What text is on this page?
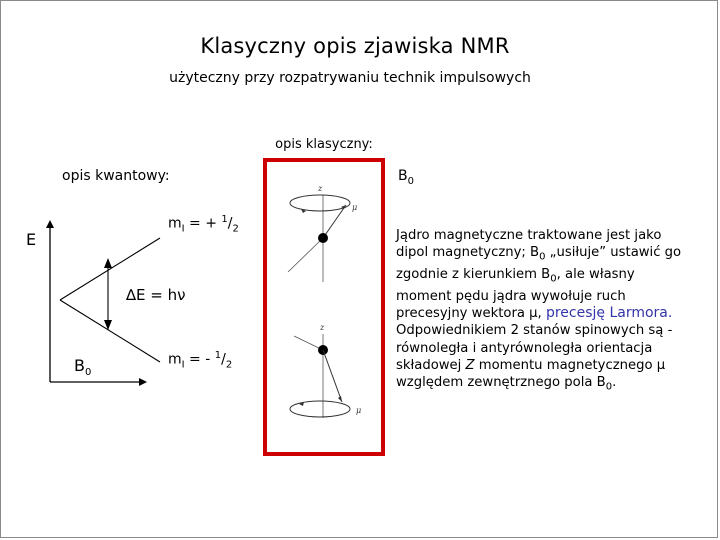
Klasyczny opis zjawiska NMR
użyteczny przy rozpatrywaniu technik impulsowych
opis klasyczny:
opis kwantowy:	$B_0$
E
$m_I$ = + $^1/_2$
$m_I$ = - $^1/_2$
∆E = hν
$B_0$
z
μ
z
μ

Jądro magnetyczne traktowane jest jako dipol magnetyczny; $B_0$ „usiłuje” ustawić go zgodnie z kierunkiem $B_0$, ale własny moment pędu jądra wywołuje ruch precesyjny wektora μ, precesję Larmora.

Odpowiednikiem 2 stanów spinowych są - równoległa i antyrównoległa orientacja składowej Z momentu magnetycznego μ względem zewnętrznego pola $B_0$.
